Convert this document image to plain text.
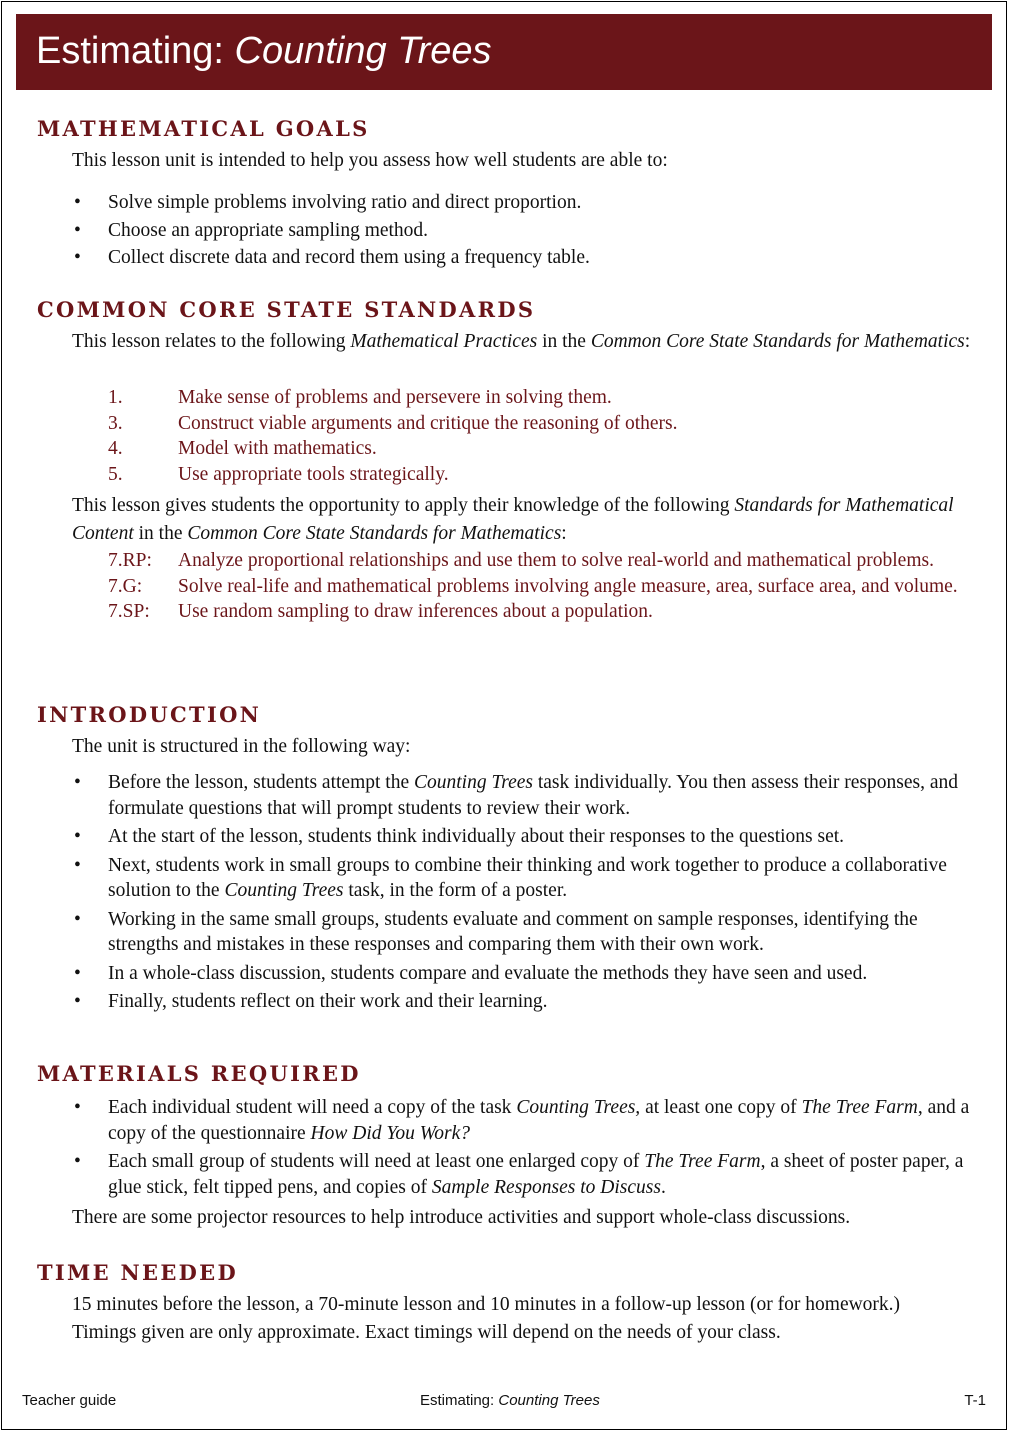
Estimating: Counting Trees
MATHEMATICAL GOALS

This lesson unit is intended to help you assess how well students are able to:

• Solve simple problems involving ratio and direct proportion.
• Choose an appropriate sampling method.
• Collect discrete data and record them using a frequency table.
COMMON CORE STATE STANDARDS

This lesson relates to the following Mathematical Practices in the Common Core State Standards for Mathematics:

1.	Make sense of problems and persevere in solving them.
3.	Construct viable arguments and critique the reasoning of others.
4.	Model with mathematics.
5.	Use appropriate tools strategically.

This lesson gives students the opportunity to apply their knowledge of the following Standards for Mathematical Content in the Common Core State Standards for Mathematics:

7.RP:	Analyze proportional relationships and use them to solve real-world and mathematical problems.
7.G:	Solve real-life and mathematical problems involving angle measure, area, surface area, and volume.
7.SP:	Use random sampling to draw inferences about a population.
INTRODUCTION

The unit is structured in the following way:

• Before the lesson, students attempt the Counting Trees task individually. You then assess their responses, and formulate questions that will prompt students to review their work.
• At the start of the lesson, students think individually about their responses to the questions set.
• Next, students work in small groups to combine their thinking and work together to produce a collaborative solution to the Counting Trees task, in the form of a poster.
• Working in the same small groups, students evaluate and comment on sample responses, identifying the strengths and mistakes in these responses and comparing them with their own work.
• In a whole-class discussion, students compare and evaluate the methods they have seen and used.
• Finally, students reflect on their work and their learning.
MATERIALS REQUIRED
• Each individual student will need a copy of the task Counting Trees, at least one copy of The Tree Farm, and a copy of the questionnaire How Did You Work?
• Each small group of students will need at least one enlarged copy of The Tree Farm, a sheet of poster paper, a glue stick, felt tipped pens, and copies of Sample Responses to Discuss.

There are some projector resources to help introduce activities and support whole-class discussions.

TIME NEEDED

15 minutes before the lesson, a 70-minute lesson and 10 minutes in a follow-up lesson (or for homework.) Timings given are only approximate. Exact timings will depend on the needs of your class.

Teacher guide	Estimating: Counting Trees	T-1
